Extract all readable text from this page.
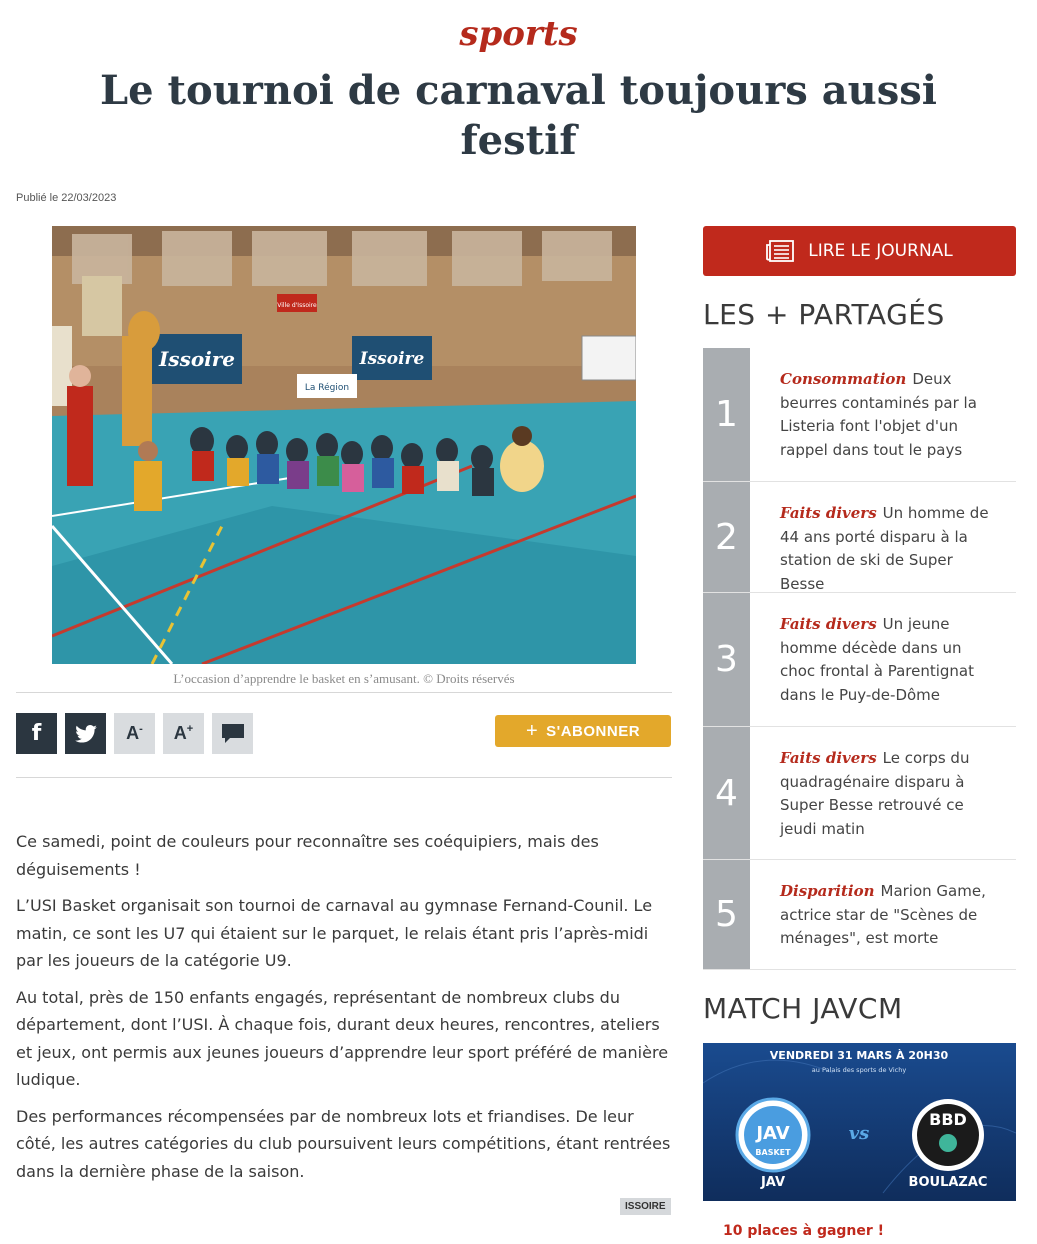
sports
Le tournoi de carnaval toujours aussi festif
Publié le 22/03/2023
Issoire	Issoire
Ville d'Issoire
La Région
L’occasion d’apprendre le basket en s’amusant. © Droits réservés
f	A- A+	+ S'ABONNER

Ce samedi, point de couleurs pour reconnaître ses coéquipiers, mais des déguisements !

L’USI Basket organisait son tournoi de carnaval au gymnase Fernand-Counil. Le matin, ce sont les U7 qui étaient sur le parquet, le relais étant pris l’après-midi par les joueurs de la catégorie U9.

Au total, près de 150 enfants engagés, représentant de nombreux clubs du département, dont l’USI. À chaque fois, durant deux heures, rencontres, ateliers et jeux, ont permis aux jeunes joueurs d’apprendre leur sport préféré de manière ludique.

Des performances récompensées par de nombreux lots et friandises. De leur côté, les autres catégories du club poursuivent leurs compétitions, étant rentrées dans la dernière phase de la saison.

ISSOIRE
LIRE LE JOURNAL
LES + PARTAGÉS
1
Consommation Deux beurres contaminés par la Listeria font l'objet d'un rappel dans tout le pays
2
Faits divers Un homme de 44 ans porté disparu à la station de ski de Super Besse
3
Faits divers Un jeune homme décède dans un choc frontal à Parentignat dans le Puy-de-Dôme
4
Faits divers Le corps du quadragénaire disparu à Super Besse retrouvé ce jeudi matin
5
Disparition Marion Game, actrice star de "Scènes de ménages", est morte
MATCH JAVCM
VENDREDI 31 MARS À 20H30
au Palais des sports de Vichy
JAV
BASKET
vs
BBD
JAV	BOULAZAC
10 places à gagner !
